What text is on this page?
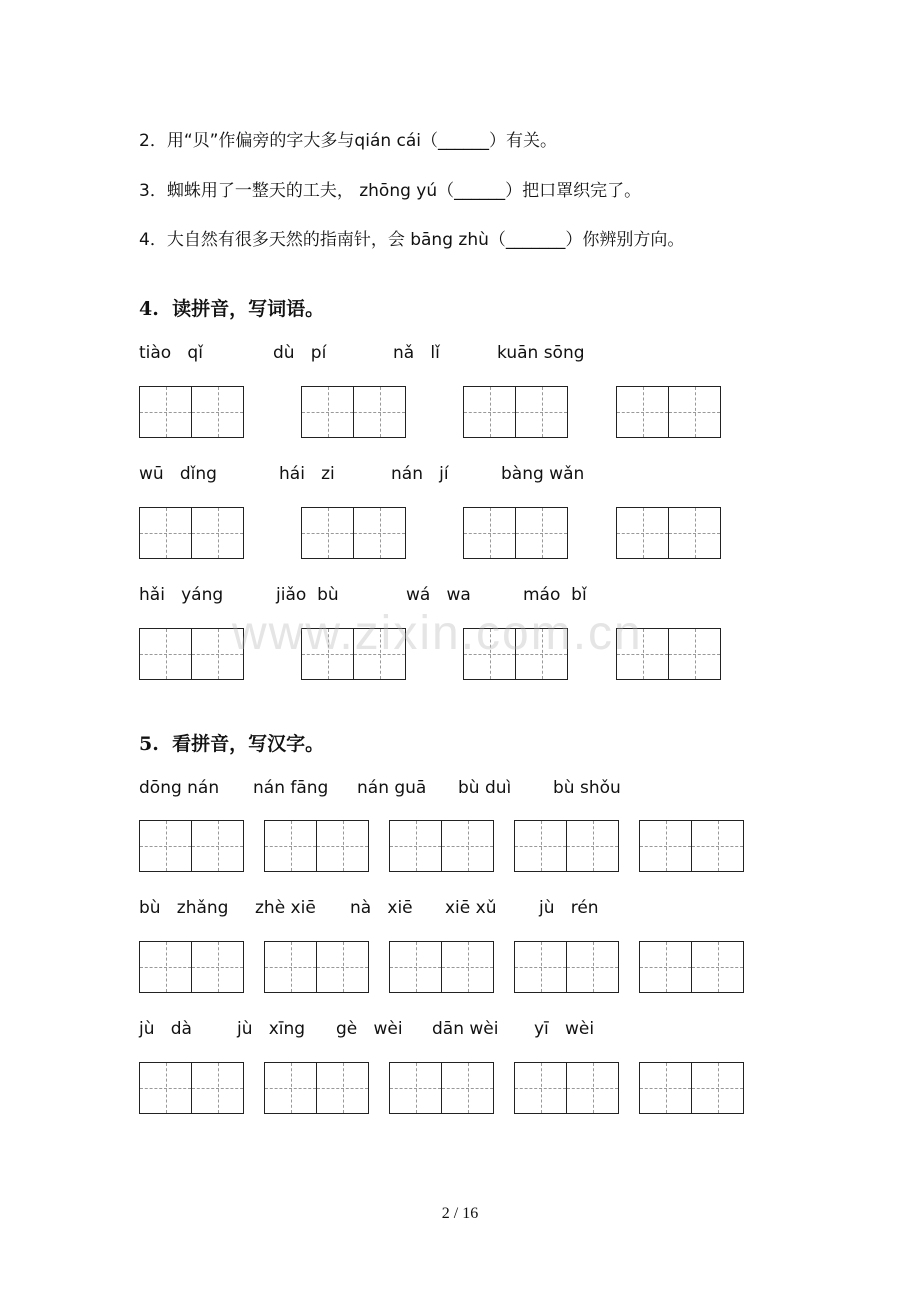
2．用“贝”作偏旁的字大多与qián cái（______）有关。
3．蜘蛛用了一整天的工夫， zhōng yú（______）把口罩织完了。
4．大自然有很多天然的指南针，会 bāng zhù（_______）你辨别方向。
4.  读拼音，写词语。
tiào   qǐ	dù   pí	nǎ   lǐ	kuān sōng
wū   dǐng	hái   zi	nán   jí	bàng wǎn
hǎi   yáng	jiǎo  bù	wá   wa	máo  bǐ
5.  看拼音，写汉字。
dōng nán nán fāng nán guā bù duì bù shǒu
bù   zhǎng zhè xiē nà   xiē xiē xǔ	jù   rén
jù   dà	jù   xīng gè   wèi dān wèi yī   wèi
www.zixin.com.cn
2 / 16
